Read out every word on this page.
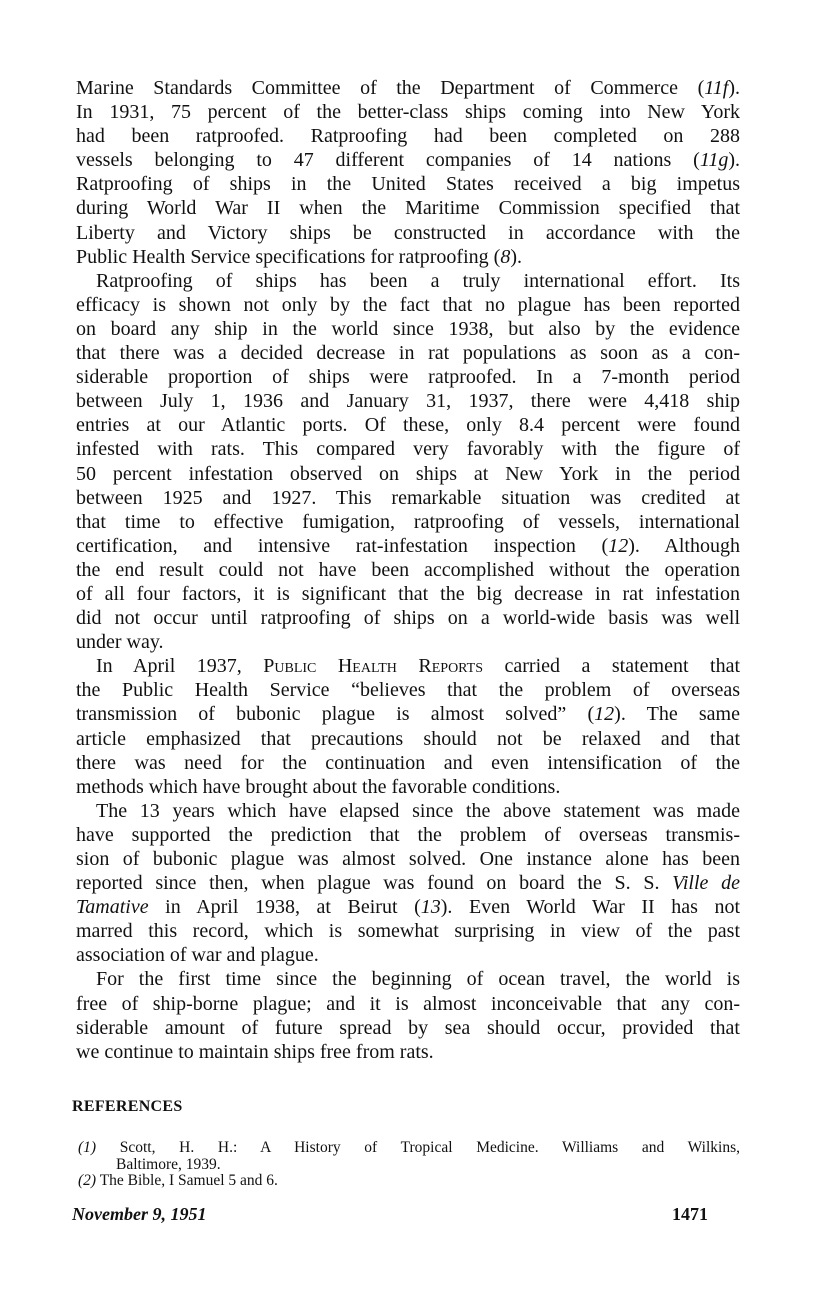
Marine Standards Committee of the Department of Commerce (11f).
In 1931, 75 percent of the better-class ships coming into New York
had been ratproofed. Ratproofing had been completed on 288
vessels belonging to 47 different companies of 14 nations (11g).
Ratproofing of ships in the United States received a big impetus
during World War II when the Maritime Commission specified that
Liberty and Victory ships be constructed in accordance with the
Public Health Service specifications for ratproofing (8).
Ratproofing of ships has been a truly international effort. Its
efficacy is shown not only by the fact that no plague has been reported
on board any ship in the world since 1938, but also by the evidence
that there was a decided decrease in rat populations as soon as a con-
siderable proportion of ships were ratproofed. In a 7-month period
between July 1, 1936 and January 31, 1937, there were 4,418 ship
entries at our Atlantic ports. Of these, only 8.4 percent were found
infested with rats. This compared very favorably with the figure of
50 percent infestation observed on ships at New York in the period
between 1925 and 1927. This remarkable situation was credited at
that time to effective fumigation, ratproofing of vessels, international
certification, and intensive rat-infestation inspection (12). Although
the end result could not have been accomplished without the operation
of all four factors, it is significant that the big decrease in rat infestation
did not occur until ratproofing of ships on a world-wide basis was well
under way.
In April 1937, Public Health Reports carried a statement that
the Public Health Service “believes that the problem of overseas
transmission of bubonic plague is almost solved” (12). The same
article emphasized that precautions should not be relaxed and that
there was need for the continuation and even intensification of the
methods which have brought about the favorable conditions.
The 13 years which have elapsed since the above statement was made
have supported the prediction that the problem of overseas transmis-
sion of bubonic plague was almost solved. One instance alone has been
reported since then, when plague was found on board the S. S. Ville de
Tamative in April 1938, at Beirut (13). Even World War II has not
marred this record, which is somewhat surprising in view of the past
association of war and plague.
For the first time since the beginning of ocean travel, the world is
free of ship-borne plague; and it is almost inconceivable that any con-
siderable amount of future spread by sea should occur, provided that
we continue to maintain ships free from rats.
REFERENCES
(1) Scott, H. H.: A History of Tropical Medicine. Williams and Wilkins,
Baltimore, 1939.
(2) The Bible, I Samuel 5 and 6.
November 9, 1951	1471
